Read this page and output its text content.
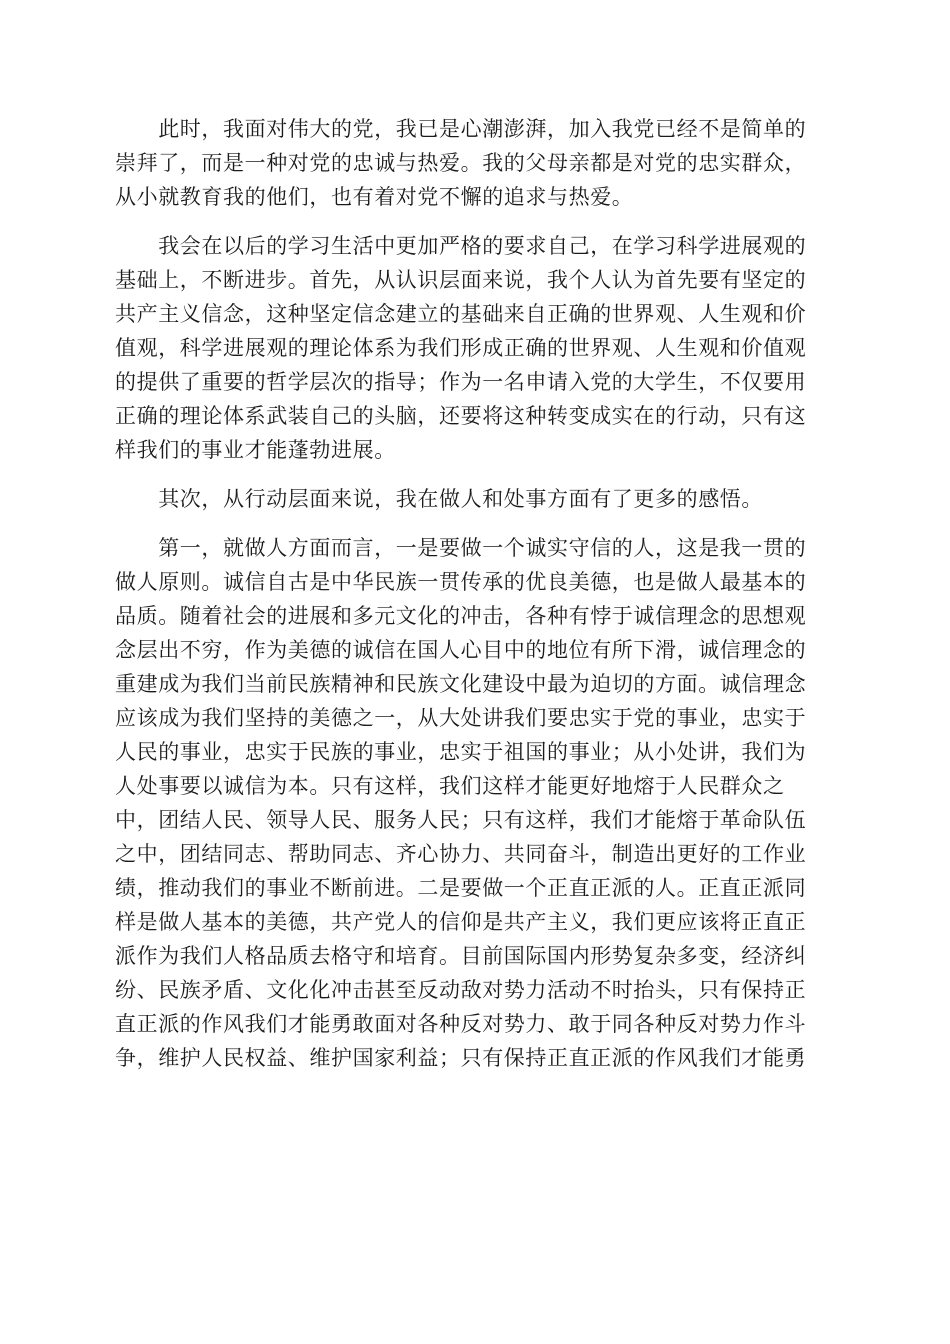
　　此时，我面对伟大的党，我已是心潮澎湃，加入我党已经不是简单的
崇拜了，而是一种对党的忠诚与热爱。我的父母亲都是对党的忠实群众，
从小就教育我的他们，也有着对党不懈的追求与热爱。
　　我会在以后的学习生活中更加严格的要求自己，在学习科学进展观的
基础上，不断进步。首先，从认识层面来说，我个人认为首先要有坚定的
共产主义信念，这种坚定信念建立的基础来自正确的世界观、人生观和价
值观，科学进展观的理论体系为我们形成正确的世界观、人生观和价值观
的提供了重要的哲学层次的指导；作为一名申请入党的大学生，不仅要用
正确的理论体系武装自己的头脑，还要将这种转变成实在的行动，只有这
样我们的事业才能蓬勃进展。
　　其次，从行动层面来说，我在做人和处事方面有了更多的感悟。
　　第一，就做人方面而言，一是要做一个诚实守信的人，这是我一贯的
做人原则。诚信自古是中华民族一贯传承的优良美德，也是做人最基本的
品质。随着社会的进展和多元文化的冲击，各种有悖于诚信理念的思想观
念层出不穷，作为美德的诚信在国人心目中的地位有所下滑，诚信理念的
重建成为我们当前民族精神和民族文化建设中最为迫切的方面。诚信理念
应该成为我们坚持的美德之一，从大处讲我们要忠实于党的事业，忠实于
人民的事业，忠实于民族的事业，忠实于祖国的事业；从小处讲，我们为
人处事要以诚信为本。只有这样，我们这样才能更好地熔于人民群众之
中，团结人民、领导人民、服务人民；只有这样，我们才能熔于革命队伍
之中，团结同志、帮助同志、齐心协力、共同奋斗，制造出更好的工作业
绩，推动我们的事业不断前进。二是要做一个正直正派的人。正直正派同
样是做人基本的美德，共产党人的信仰是共产主义，我们更应该将正直正
派作为我们人格品质去格守和培育。目前国际国内形势复杂多变，经济纠
纷、民族矛盾、文化化冲击甚至反动敌对势力活动不时抬头，只有保持正
直正派的作风我们才能勇敢面对各种反对势力、敢于同各种反对势力作斗
争，维护人民权益、维护国家利益；只有保持正直正派的作风我们才能勇
